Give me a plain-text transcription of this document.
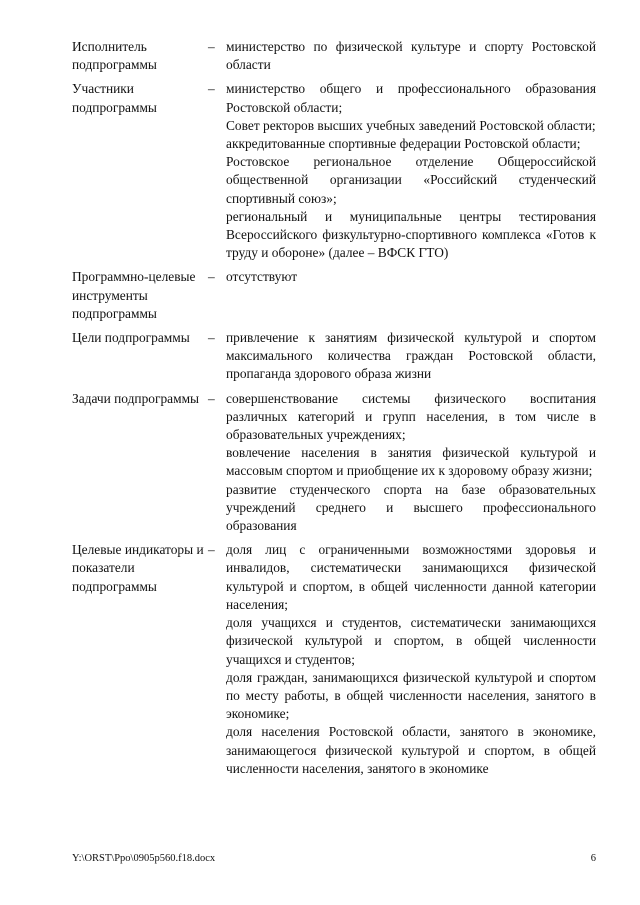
Исполнитель подпрограммы
– министерство по физической культуре и спорту Ростовской области

Участники подпрограммы
– министерство общего и профессионального образования Ростовской области;

Совет ректоров высших учебных заведений Ростовской области;

аккредитованные спортивные федерации Ростовской области;

Ростовское региональное отделение Общероссийской общественной организации «Российский студенческий спортивный союз»;

региональный и муниципальные центры тестирования Всероссийского физкультурно-спортивного комплекса «Готов к труду и обороне» (далее – ВФСК ГТО)

Программно-целевые инструменты подпрограммы
– отсутствуют

Цели подпрограммы	– привлечение к занятиям физической культурой и спортом максимального количества граждан Ростовской области, пропаганда здорового образа жизни

Задачи подпрограммы – совершенствование системы физического воспитания различных категорий и групп населения, в том числе в образовательных учреждениях;

вовлечение населения в занятия физической культурой и массовым спортом и приобщение их к здоровому образу жизни;

развитие студенческого спорта на базе образовательных учреждений среднего и высшего профессионального образования

Целевые индикаторы и показатели подпрограммы
– доля лиц с ограниченными возможностями здоровья и инвалидов, систематически занимающихся физической культурой и спортом, в общей численности данной категории населения;

доля учащихся и студентов, систематически занимающихся физической культурой и спортом, в общей численности учащихся и студентов;

доля граждан, занимающихся физической культурой и спортом по месту работы, в общей численности населения, занятого в экономике;

доля населения Ростовской области, занятого в экономике, занимающегося физической культурой и спортом, в общей численности населения, занятого в экономике

Y:\ORST\Ppo\0905p560.f18.docx	6
